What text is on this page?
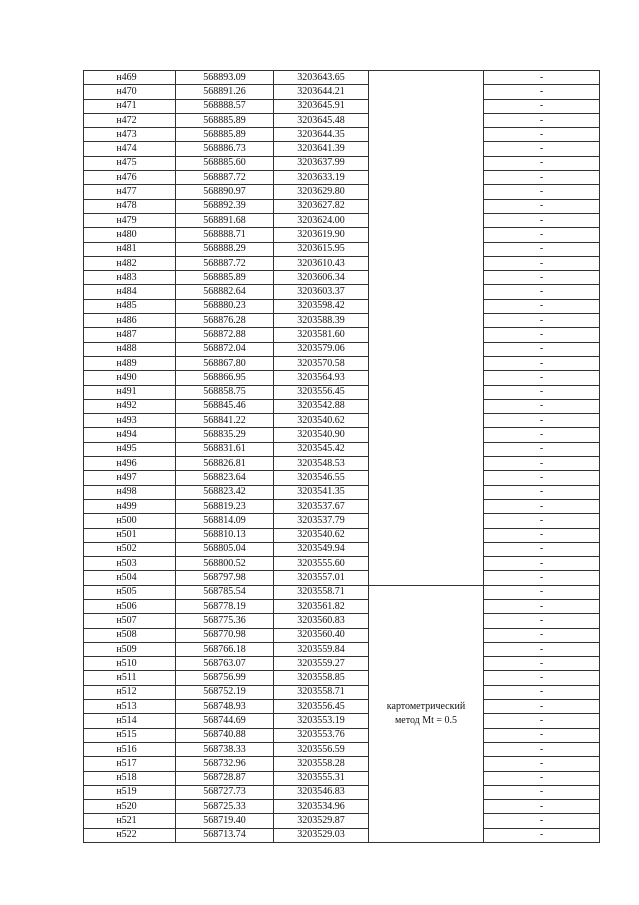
н469	568893.09	3203643.65		-
н470	568891.26	3203644.21		-
н471	568888.57	3203645.91		-
н472	568885.89	3203645.48		-
н473	568885.89	3203644.35		-
н474	568886.73	3203641.39		-
н475	568885.60	3203637.99		-
н476	568887.72	3203633.19		-
н477	568890.97	3203629.80		-
н478	568892.39	3203627.82		-
н479	568891.68	3203624.00		-
н480	568888.71	3203619.90		-
н481	568888.29	3203615.95		-
н482	568887.72	3203610.43		-
н483	568885.89	3203606.34		-
н484	568882.64	3203603.37		-
н485	568880.23	3203598.42		-
н486	568876.28	3203588.39		-
н487	568872.88	3203581.60		-
н488	568872.04	3203579.06		-
н489	568867.80	3203570.58		-
н490	568866.95	3203564.93		-
н491	568858.75	3203556.45		-
н492	568845.46	3203542.88		-
н493	568841.22	3203540.62		-
н494	568835.29	3203540.90		-
н495	568831.61	3203545.42		-
н496	568826.81	3203548.53		-
н497	568823.64	3203546.55		-
н498	568823.42	3203541.35		-
н499	568819.23	3203537.67		-
н500	568814.09	3203537.79		-
н501	568810.13	3203540.62		-
н502	568805.04	3203549.94		-
н503	568800.52	3203555.60		-
н504	568797.98	3203557.01		-
н505	568785.54	3203558.71	картометрический
метод Mt = 0.5	-
н506	568778.19	3203561.82		-
н507	568775.36	3203560.83		-
н508	568770.98	3203560.40		-
н509	568766.18	3203559.84		-
н510	568763.07	3203559.27		-
н511	568756.99	3203558.85		-
н512	568752.19	3203558.71		-
н513	568748.93	3203556.45		-
н514	568744.69	3203553.19		-
н515	568740.88	3203553.76		-
н516	568738.33	3203556.59		-
н517	568732.96	3203558.28		-
н518	568728.87	3203555.31		-
н519	568727.73	3203546.83		-
н520	568725.33	3203534.96		-
н521	568719.40	3203529.87		-
н522	568713.74	3203529.03		-
